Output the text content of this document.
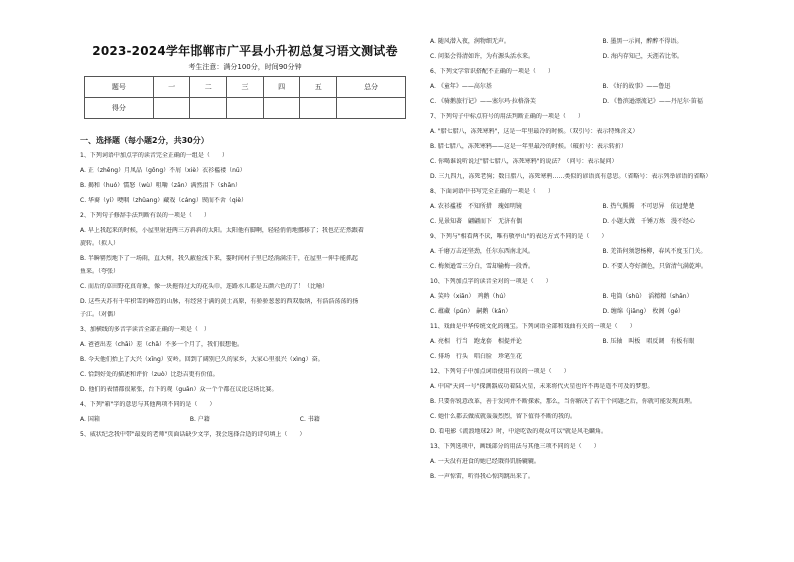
2023-2024学年邯郸市广平县小升初总复习语文测试卷
考生注意：满分100分，时间90分钟
题号	一	二	三	四	五	总分
得分						
一、选择题（每小题2分，共30分）
1、下列词语中加点字的读音完全正确的一组是（　　）
A. 正（zhēng）月凤品（gōng）不屑（xiè）衣衫褴褛（nǚ）
B. 揭和（huó）懦怒（wù）咀嚼（zān）满然泪下（shān）
C. 华裔（yí）哽咽（zhǔang）藏戏（cáng）锲而不舍（qiè）
2、下列句子修辞手法判断有误的一项是（　　）
A. 早上我起来的时候，小屋里射进两三方斜斜的太阳。太阳他有脚啊，轻轻俏俏地挪移了；我也茫茫然跟着
旋转。（拟人）
B. 半瞬罂烈地下了一场雨，直大树，我久蔽捡浅下来，霎时间村子里已经淌满洼干，在屋里一伸手能抓起
鱼来。（夸张）
C. 而后的草田野花真奇象，像一块拖得过大的花头巾，连路水儿都是五颜六色的了！（比喻）
D. 这些天苏有千年积雪的峰峦的山脉，有经营于满的黄土高原，有骄骄葱葱的西双版纳，有浩浩荡荡的扬
子江。（对偶）
3、加横线的多音字读音全部正确的一项是（　）
A. 爸爸出差（chāi）差（chā）不多一个月了，我们很想他。
B. 今天他们抬上了大兴（xīng）安岭。回到了阔别已久的家乡，大家心里很兴（xìng）奋。
C. 恰到好处的描述和评价（zuò）比恐吉更有价值。
D. 他们的表情都很紧张，台下的观（guān）众一个个都在议论这场比赛。
4、下列"箱"字的意思与其他两项不同的是（　　）
A. 国箱	B. 户籍	C. 书籍
5、威状纪念我中带"最爱的老师"页面话缺少文字，我会选择合适的诗句填上（　　）
A. 随风潜入夜，润物细无声。	B. 墨黑一示间，醉醉不得语。
C. 问渠会得清如许，为有源头活水来。	D. 海内存知己，天涯若比邻。
6、下列文学常识搭配不正确的一项是（　　）
A. 《童年》——高尔基	B. 《好的故事》——鲁迅
C. 《骑鹅旅行记》——塞尔玛·拉格洛芙	D. 《鲁滨逊漂流记》——丹尼尔·笛福
7、下列句子中标点符号的用法判断正确的一项是（　　）
A. "腊七腊八，冻死寒鸦"，这是一年里最冷的时候。（双引号：表示特殊含义）
B. 腊七腊八，冻死寒鸦——这是一年里最冷的时候。（破折号：表示转折）
C. 你喝谁说听说过"腊七腊八，冻死寒鸦"的说法？（问号：表示疑问）
D. 三九四九，冻死老狗；数日腊八，冻死寒鸦……类似的谚语真有意思。（省略号：表示列举谚语的省略）
8、下面词语中书写完全正确的一项是（　　）
A. 农衫褴褛　 不知所措　 瑰如明镜	B. 热气腾腾　 不可思异　 依冠楚楚
C. 见景知著　 翩翩而下　 无济有偶	D. 小题大做　 千锤万炼　 漫不经心
9、下列与"相看两不厌，唯有敬亭山"的表达方式不同的是（　　）
A. 千磨万击还坚劲，任尔东西南北风。	B. 羌笛何须怨杨柳，春风不度玉门关。
C. 梅须逊雪三分白，雪却输梅一段香。	D. 不要人夸好颜色，只留清气满乾坤。
10、下列加点字的读音全对的一项是（　　）
A. 笑吟（xiān）　鸡鹅（hú）	B. 电筒（shǔ）　滔精精（shān）
C. 蕴藏（pǔn）　嗣鹅（kǎn）	D. 缠绵（jiāng）　枚阁（gé）
11、戏曲是中华传统文化的瑰宝。下列词语全部和戏曲有关的一项是（　　）
A. 亮相　行当　跑龙套　相提并论	B. 压轴　叫板　唱反调　有板有眼
C. 排场　行头　唱白脸　珍笔生花
12、下列句子中加点词语使用有误的一项是（　　）
A. 中国"天问一号"探测器成功着陆火星，未来将代火星也许不再是遥不可及的梦想。
B. 只要你锐意改革，善于发问并不断探索，那么，当你解决了若干个问题之后，你就可能发现真理。
C. 她什么都去做成就轰轰烈烈，留下值得不断的我的。
D. 看电影《流浪地球2》时，中途吃饭的观众可以"就是风毛麟角。
13、下列选项中，画线部分的用法与其他三项不同的是（　　）
A. 一天没有进食的她已经饿得饥肠辘辘。
B. 一声惊雷，听得我心惊肉跳出来了。
